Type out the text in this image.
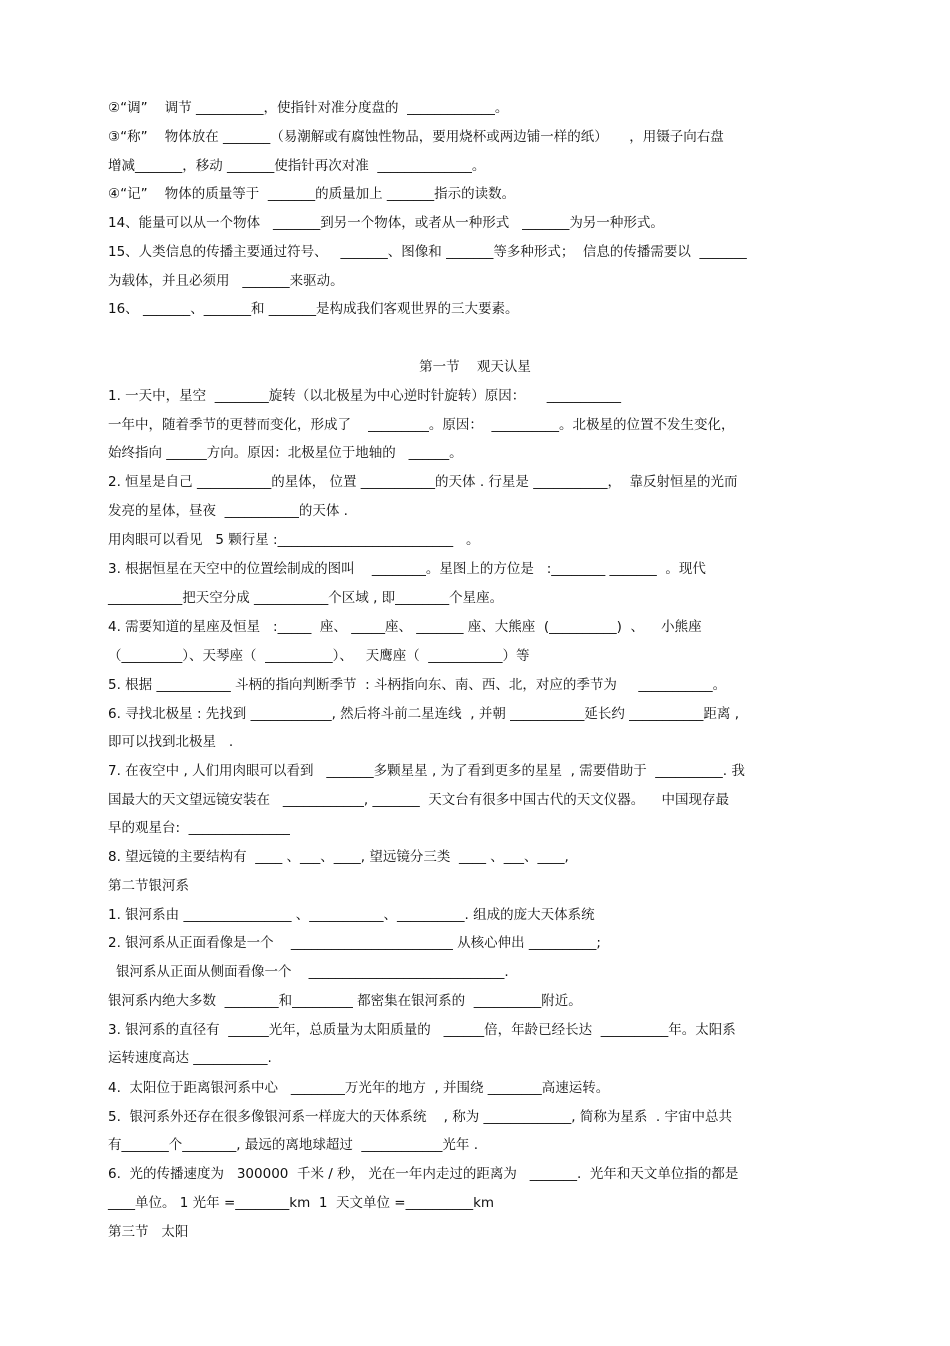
②“调”    调节 __________，使指针对准分度盘的  _____________。
③“称”    物体放在 _______（易潮解或有腐蚀性物品，要用烧杯或两边铺一样的纸）     ，用镊子向右盘
增减_______，移动 _______使指针再次对准  ______________。
④“记”    物体的质量等于  _______的质量加上 _______指示的读数。
14、能量可以从一个物体   _______到另一个物体，或者从一种形式   _______为另一种形式。
15、人类信息的传播主要通过符号、   _______、图像和 _______等多种形式；  信息的传播需要以  _______
为载体，并且必须用   _______来驱动。
16、 _______、_______和 _______是构成我们客观世界的三大要素。
第一节    观天认星
1. 一天中，星空  ________旋转（以北极星为中心逆时针旋转）原因：     ___________
一年中，随着季节的更替而变化，形成了    _________。原因：  __________。北极星的位置不发生变化，
始终指向 ______方向。原因：北极星位于地轴的   ______。
2. 恒星是自己 ___________的星体， 位置 ___________的天体 . 行星是 ___________，  靠反射恒星的光而
发亮的星体，昼夜  ___________的天体 .
用肉眼可以看见   5 颗行星 :__________________________   。
3. 根据恒星在天空中的位置绘制成的图叫    ________。星图上的方位是   :________ _______  。现代
___________把天空分成 ___________个区域 , 即________个星座。
4. 需要知道的星座及恒星   :_____  座、 _____座、 _______ 座、大熊座  (__________)  、    小熊座
（_________）、天琴座（  __________）、   天鹰座（  ___________）等
5. 根据 ___________ 斗柄的指向判断季节  : 斗柄指向东、南、西、北，对应的季节为     ___________。
6. 寻找北极星 : 先找到 ____________, 然后将斗前二星连线  , 并朝 ___________延长约 ___________距离 ,
即可以找到北极星   .
7. 在夜空中 , 人们用肉眼可以看到   _______多颗星星 , 为了看到更多的星星  , 需要借助于  __________. 我
国最大的天文望远镜安装在   ____________, _______  天文台有很多中国古代的天文仪器。    中国现存最
早的观星台:  _______________
8. 望远镜的主要结构有  ____ 、___、____, 望远镜分三类  ____ 、___、____,
第二节银河系
1. 银河系由 ________________ 、___________、__________. 组成的庞大天体系统
2. 银河系从正面看像是一个    ________________________ 从核心伸出 __________;
银河系从正面从侧面看像一个    _____________________________.
银河系内绝大多数  ________和_________ 都密集在银河系的  __________附近。
3. 银河系的直径有  ______光年，总质量为太阳质量的   ______倍，年龄已经长达  __________年。太阳系
运转速度高达 ___________.
4.  太阳位于距离银河系中心   ________万光年的地方  , 并围绕 ________高速运转。
5.  银河系外还存在很多像银河系一样庞大的天体系统    , 称为 _____________, 简称为星系  . 宇宙中总共
有_______个________, 最远的离地球超过  ____________光年 .
6.  光的传播速度为   300000  千米 / 秒， 光在一年内走过的距离为   _______.  光年和天文单位指的都是
____单位。 1 光年 =________km  1  天文单位 =__________km
第三节   太阳
